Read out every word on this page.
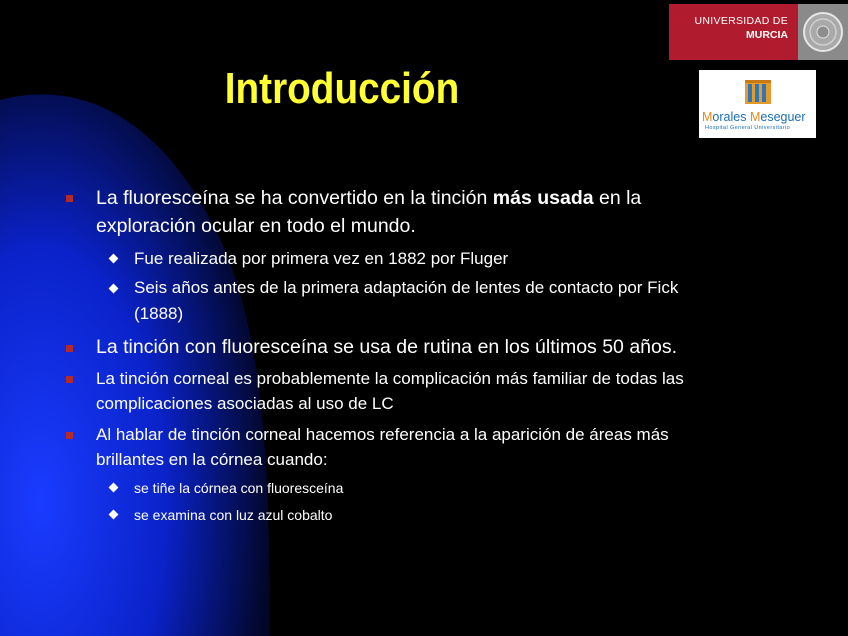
UNIVERSIDAD DE
MURCIA
Morales Meseguer
Hospital General Universitario
Introducción
La fluoresceína se ha convertido en la tinción más usada en la
exploración ocular en todo el mundo.
Fue realizada por primera vez en 1882 por Fluger
Seis años antes de la primera adaptación de lentes de contacto por Fick
(1888)
La tinción con fluoresceína se usa de rutina en los últimos 50 años.
La tinción corneal es probablemente la complicación más familiar de todas las
complicaciones asociadas al uso de LC
Al hablar de tinción corneal hacemos referencia a la aparición de áreas más
brillantes en la córnea cuando:
se tiñe la córnea con fluoresceína
se examina con luz azul cobalto
